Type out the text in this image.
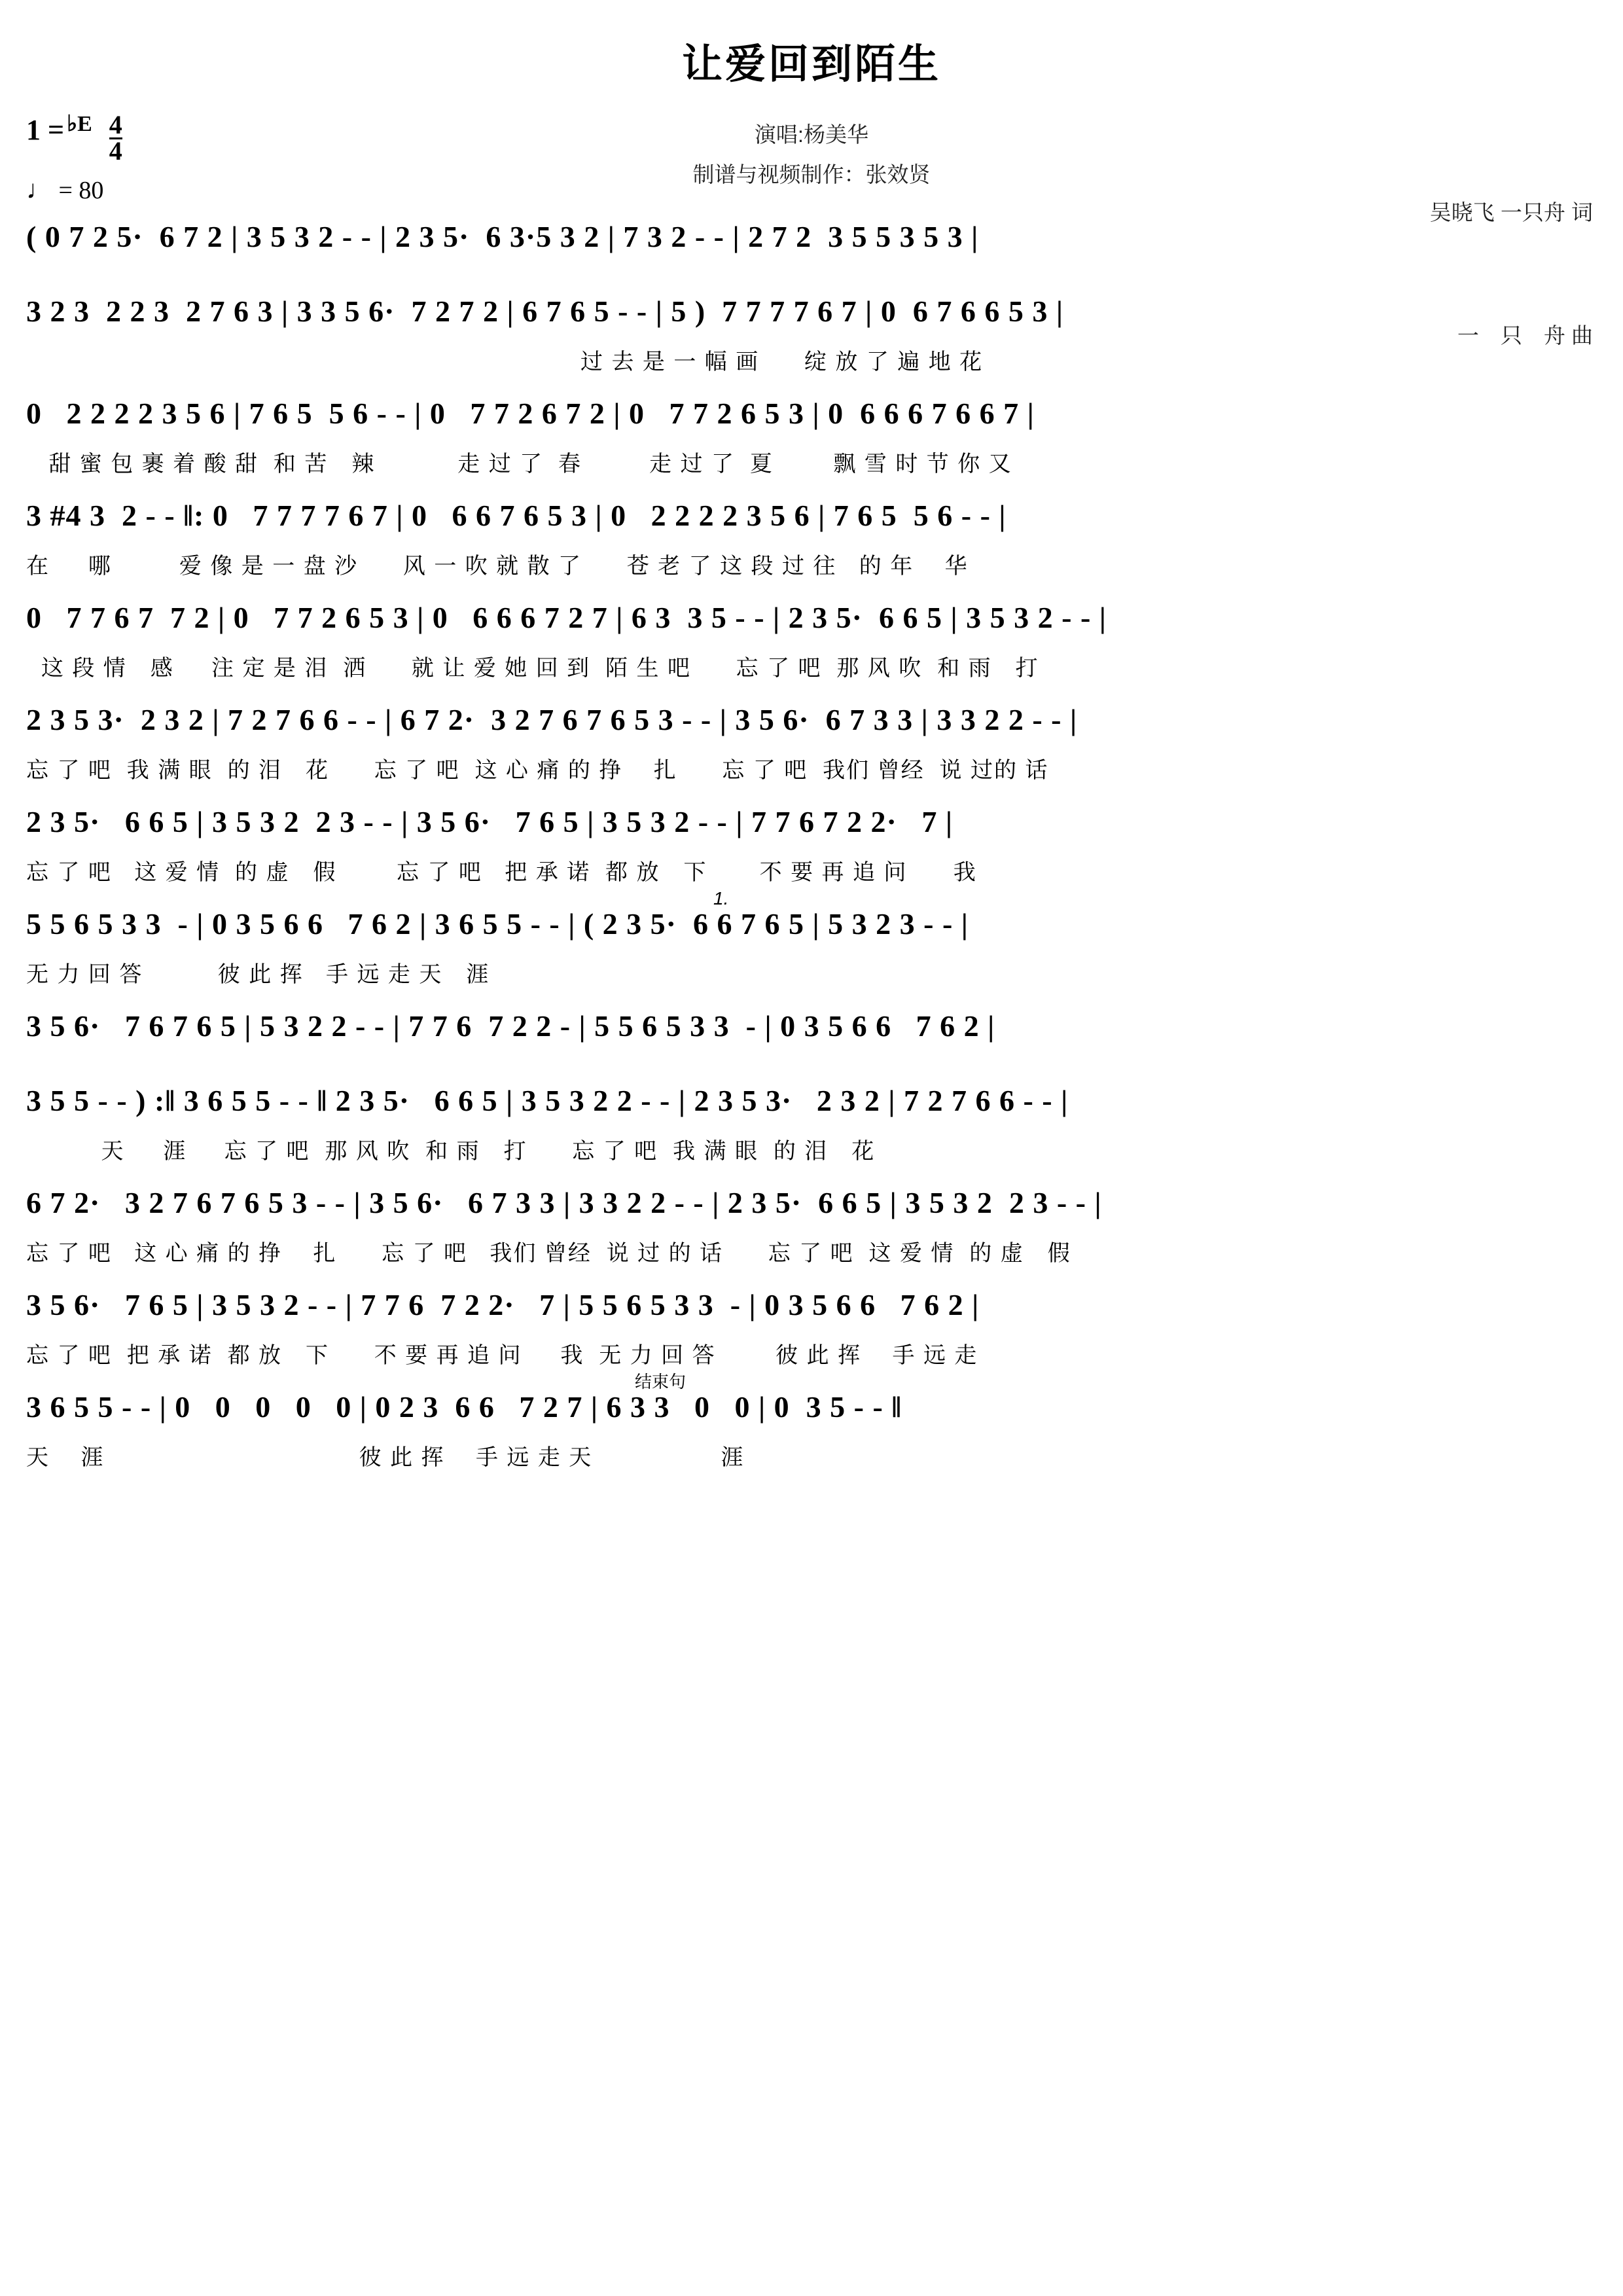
让爱回到陌生
1 = ♭E $\frac{4}{4}$
♩ = 80
演唱:杨美华
制谱与视频制作：张效贤

吴晓飞 一只舟 词

一　只　舟 曲

( 0 7 2 5·  6 7 2 | 3 5 3 2 - - | 2 3 5·  6 3·5 3 2 | 7 3 2 - - | 2 7 2  3 5 5 3 5 3 |
3 2 3  2 2 3  2 7 6 3 | 3 3 5 6·  7 2 7 2 | 6 7 6 5 - - | 5 )  7 7 7 7 6 7 | 0  6 7 6 6 5 3 |
过 去 是 一 幅 画      绽 放 了 遍 地 花
0   2 2 2 2 3 5 6 | 7 6 5  5 6 - - | 0   7 7 2 6 7 2 | 0   7 7 2 6 5 3 | 0  6 6 6 7 6 6 7 |
甜 蜜 包 裹 着 酸 甜  和 苦　辣           走 过 了  春         走 过 了  夏        飘 雪 时 节 你 又
3 #4 3  2 - - ‖: 0   7 7 7 7 6 7 | 0   6 6 7 6 5 3 | 0   2 2 2 2 3 5 6 | 7 6 5  5 6 - - |
在　  哪         爱 像 是 一 盘 沙      风 一 吹 就 散 了      苍 老 了 这 段 过 往   的 年　 华
0   7 7 6 7  7 2 | 0   7 7 2 6 5 3 | 0   6 6 6 7 2 7 | 6 3  3 5 - - | 2 3 5·  6 6 5 | 3 5 3 2 - - |
这 段 情　感     注 定 是 泪  洒      就 让 爱 她 回 到  陌 生 吧      忘 了 吧  那 风 吹  和 雨　打
2 3 5 3·  2 3 2 | 7 2 7 6 6 - - | 6 7 2·  3 2 7 6 7 6 5 3 - - | 3 5 6·  6 7 3 3 | 3 3 2 2 - - |
忘 了 吧  我 满 眼  的 泪　花      忘 了 吧  这 心 痛 的 挣　 扎      忘 了 吧  我们 曾经  说 过的 话
2 3 5·   6 6 5 | 3 5 3 2  2 3 - - | 3 5 6·   7 6 5 | 3 5 3 2 - - | 7 7 6 7 2 2·   7 |
忘 了 吧   这 爱 情  的 虚　假        忘 了 吧   把 承 诺  都 放　下       不 要 再 追 问　   我
1.
5 5 6 5 3 3  - | 0 3 5 6 6   7 6 2 | 3 6 5 5 - - | ( 2 3 5·  6 6 7 6 5 | 5 3 2 3 - - |
无 力 回 答          彼 此 挥   手 远 走 天　涯
3 5 6·   7 6 7 6 5 | 5 3 2 2 - - | 7 7 6  7 2 2 - | 5 5 6 5 3 3  - | 0 3 5 6 6   7 6 2 |
3 5 5 - - ) :‖ 3 6 5 5 - - ‖ 2 3 5·   6 6 5 | 3 5 3 2 2 - - | 2 3 5 3·   2 3 2 | 7 2 7 6 6 - - |
天　  涯     忘 了 吧  那 风 吹  和 雨　打      忘 了 吧  我 满 眼  的 泪　花
6 7 2·   3 2 7 6 7 6 5 3 - - | 3 5 6·   6 7 3 3 | 3 3 2 2 - - | 2 3 5·  6 6 5 | 3 5 3 2  2 3 - - |
忘 了 吧   这 心 痛 的 挣　 扎      忘 了 吧   我们 曾经  说 过 的 话      忘 了 吧  这 爱 情  的 虚　假
3 5 6·   7 6 5 | 3 5 3 2 - - | 7 7 6  7 2 2·   7 | 5 5 6 5 3 3  - | 0 3 5 6 6   7 6 2 |
忘 了 吧  把 承 诺  都 放　下      不 要 再 追 问　  我  无 力 回 答        彼 此 挥　 手 远 走
结束句
3 6 5 5 - - | 0   0   0   0   0 | 0 2 3  6 6   7 2 7 | 6 3 3   0   0 | 0  3 5 - - ‖
天　 涯                                  彼 此 挥　 手 远 走 天　              涯
